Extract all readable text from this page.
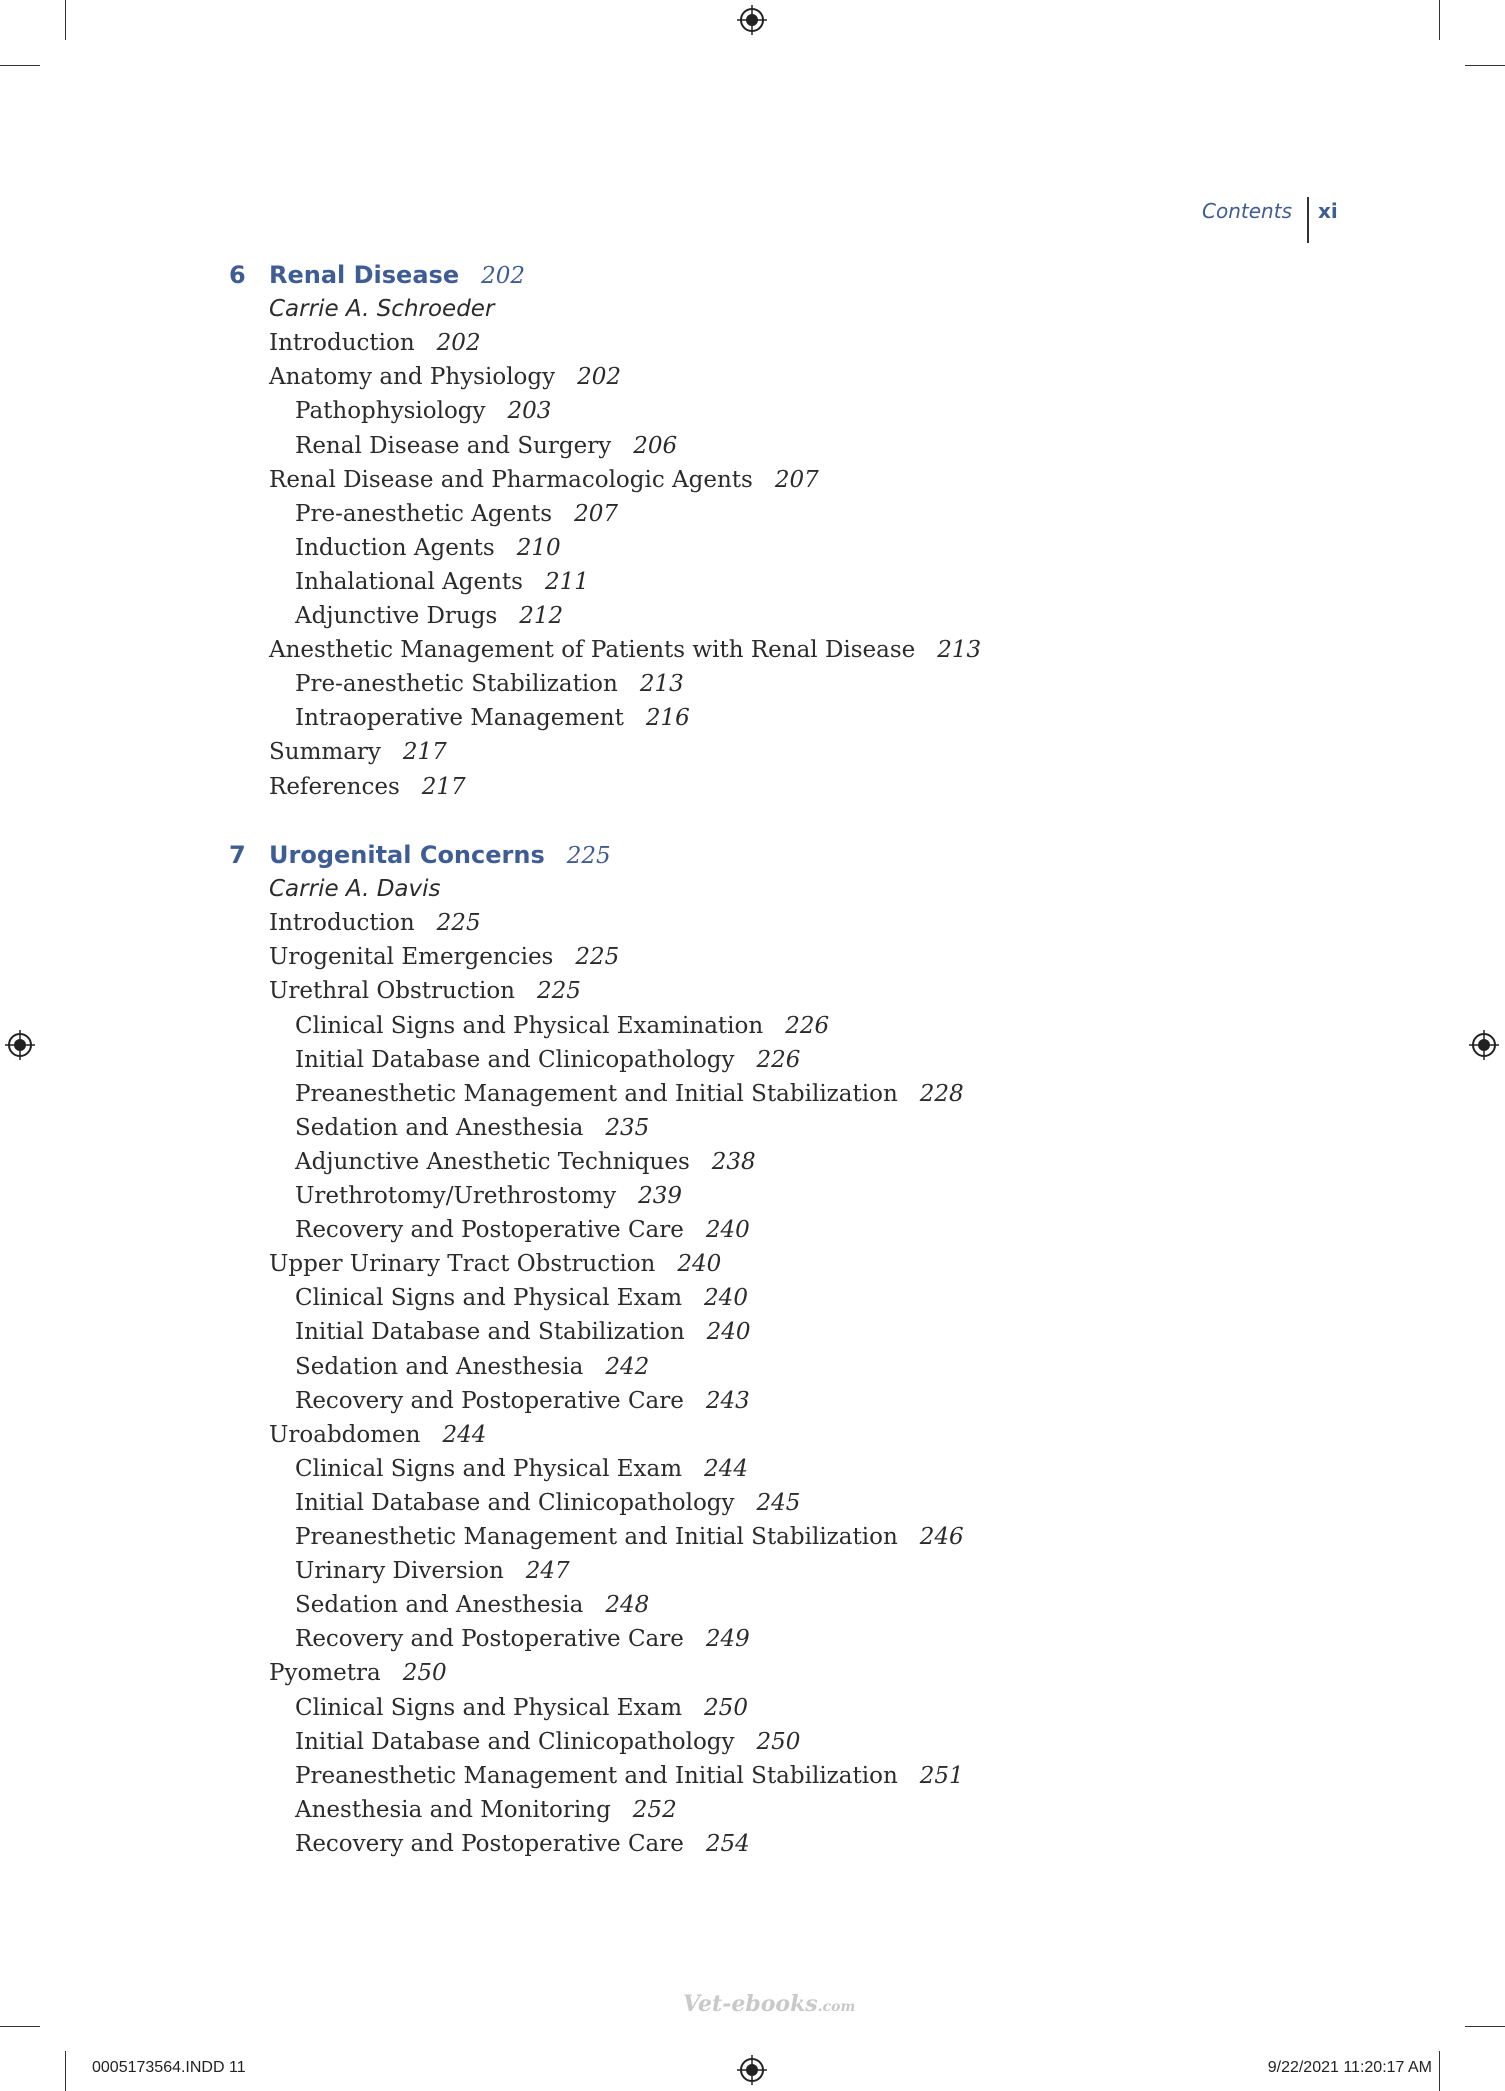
Contents xi
6 Renal Disease 202
Carrie A. Schroeder
Introduction 202
Anatomy and Physiology 202
Pathophysiology 203
Renal Disease and Surgery 206
Renal Disease and Pharmacologic Agents 207
Pre-anesthetic Agents 207
Induction Agents 210
Inhalational Agents 211
Adjunctive Drugs 212
Anesthetic Management of Patients with Renal Disease 213
Pre-anesthetic Stabilization 213
Intraoperative Management 216
Summary 217
References 217
7 Urogenital Concerns 225
Carrie A. Davis
Introduction 225
Urogenital Emergencies 225
Urethral Obstruction 225
Clinical Signs and Physical Examination 226
Initial Database and Clinicopathology 226
Preanesthetic Management and Initial Stabilization 228
Sedation and Anesthesia 235
Adjunctive Anesthetic Techniques 238
Urethrotomy/Urethrostomy 239
Recovery and Postoperative Care 240
Upper Urinary Tract Obstruction 240
Clinical Signs and Physical Exam 240
Initial Database and Stabilization 240
Sedation and Anesthesia 242
Recovery and Postoperative Care 243
Uroabdomen 244
Clinical Signs and Physical Exam 244
Initial Database and Clinicopathology 245
Preanesthetic Management and Initial Stabilization 246
Urinary Diversion 247
Sedation and Anesthesia 248
Recovery and Postoperative Care 249
Pyometra 250
Clinical Signs and Physical Exam 250
Initial Database and Clinicopathology 250
Preanesthetic Management and Initial Stabilization 251
Anesthesia and Monitoring 252
Recovery and Postoperative Care 254
Vet-ebooks.com
0005173564.INDD 11	9/22/2021 11:20:17 AM
